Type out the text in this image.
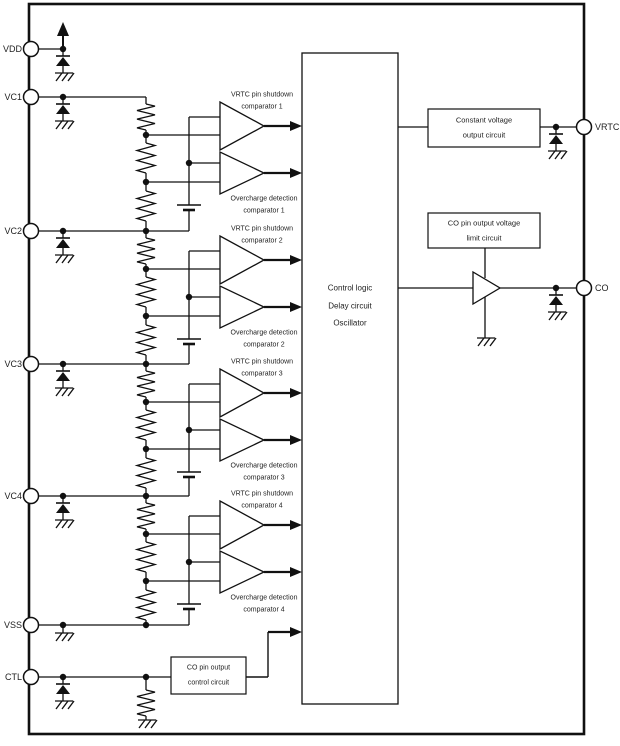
Control logic
Delay circuit
Oscillator
VRTC pin shutdown
comparator 1
Overcharge detection
comparator 1
VRTC pin shutdown
comparator 2
Overcharge detection
comparator 2
VRTC pin shutdown
comparator 3
Overcharge detection
comparator 3
VRTC pin shutdown
comparator 4
Overcharge detection
comparator 4
Constant voltage
output circuit
CO pin output voltage
limit circuit
CO pin output
control circuit
VDD
VC1
VC2
VC3
VC4
VSS
CTL
VRTC
CO
